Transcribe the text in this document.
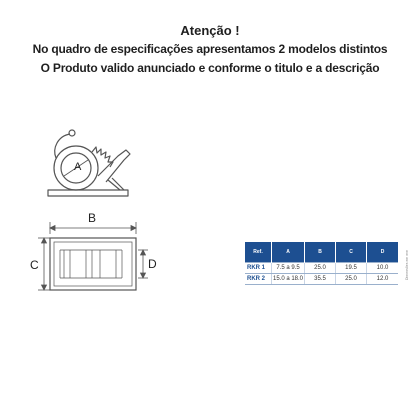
Atenção !
No quadro de especificações apresentamos 2 modelos distintos
O Produto valido anunciado e conforme o titulo e a descrição
A
B
C	D
Ref.	A	B	C	D
RKR 1	7.5 a 9.5	25.0	19.5	10.0
RKR 2	15.0 a 18.0	35.5	25.0	12.0	Dimensões em mm
